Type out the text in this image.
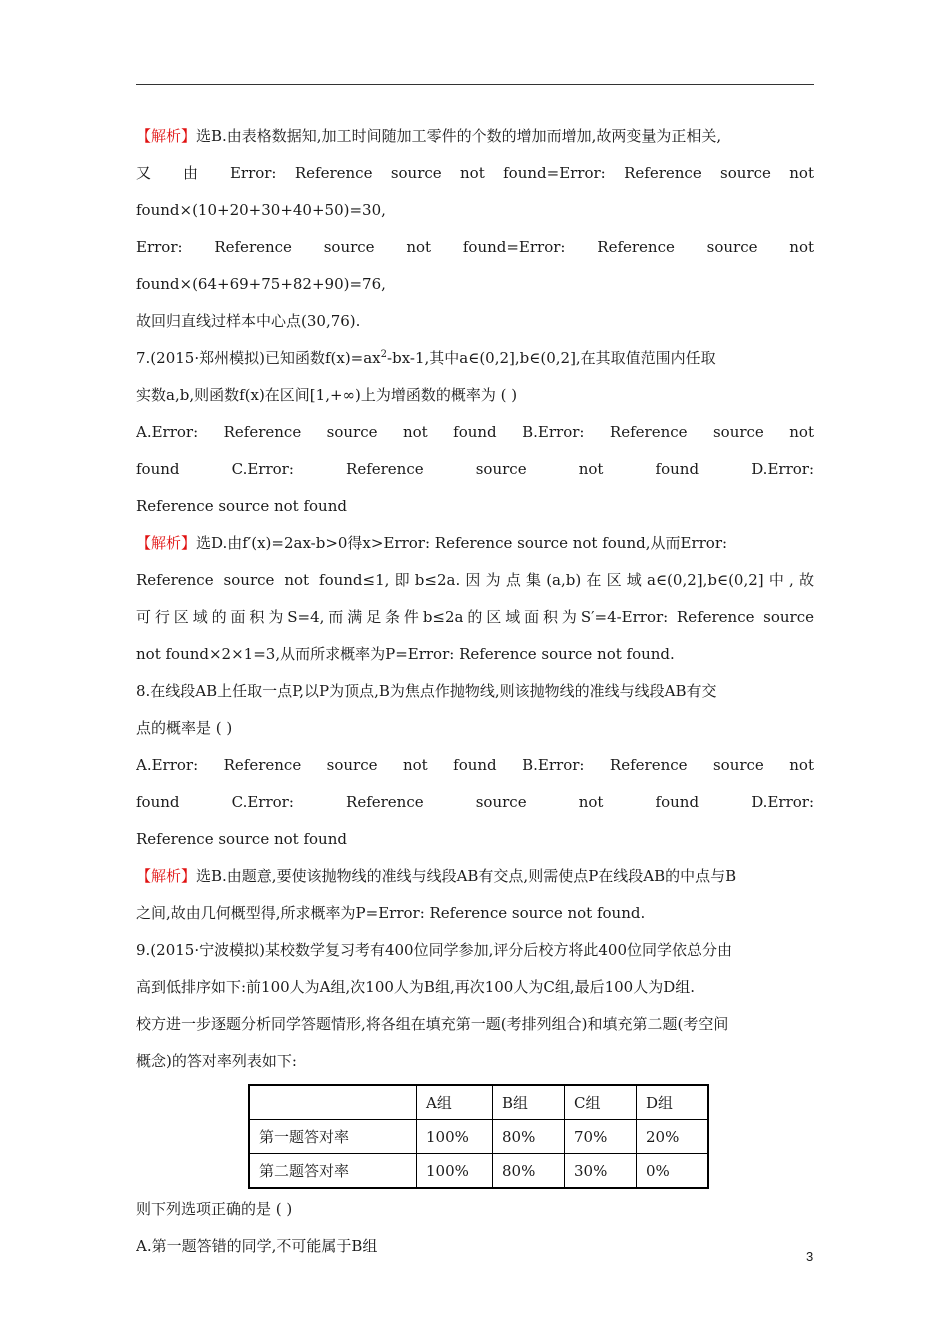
【解析】选B.由表格数据知,加工时间随加工零件的个数的增加而增加,故两变量为正相关,
又 由 Error: Reference source not found=Error: Reference source not
found×(10+20+30+40+50)=30,
Error: Reference source not found=Error: Reference source not
found×(64+69+75+82+90)=76,
故回归直线过样本中心点(30,76).
7.(2015·郑州模拟)已知函数$f(x)=ax^2-bx-1$,其中a∈(0,2],b∈(0,2],在其取值范围内任取
实数a,b,则函数f(x)在区间[1,+∞)上为增函数的概率为 ( )
A.Error: Reference source not found B.Error: Reference source not
found C.Error: Reference source not found D.Error:
Reference source not found
【解析】选D.由f′(x)=2ax-b>0得x>Error: Reference source not found,从而Error:
Reference source not found≤1,即b≤2a.因为点集(a,b)在区域a∈(0,2],b∈(0,2]中,故
可行区域的面积为S=4,而满足条件b≤2a的区域面积为S′=4-Error: Reference source
not found×2×1=3,从而所求概率为P=Error: Reference source not found.
8.在线段AB上任取一点P,以P为顶点,B为焦点作抛物线,则该抛物线的准线与线段AB有交
点的概率是 ( )
A.Error: Reference source not found B.Error: Reference source not
found C.Error: Reference source not found D.Error:
Reference source not found
【解析】选B.由题意,要使该抛物线的准线与线段AB有交点,则需使点P在线段AB的中点与B
之间,故由几何概型得,所求概率为P=Error: Reference source not found.
9.(2015·宁波模拟)某校数学复习考有400位同学参加,评分后校方将此400位同学依总分由
高到低排序如下:前100人为A组,次100人为B组,再次100人为C组,最后100人为D组.
校方进一步逐题分析同学答题情形,将各组在填充第一题(考排列组合)和填充第二题(考空间
概念)的答对率列表如下:
	A组	B组	C组	D组
第一题答对率	100%	80%	70%	20%
第二题答对率	100%	80%	30%	0%
则下列选项正确的是 ( )
A.第一题答错的同学,不可能属于B组
3
